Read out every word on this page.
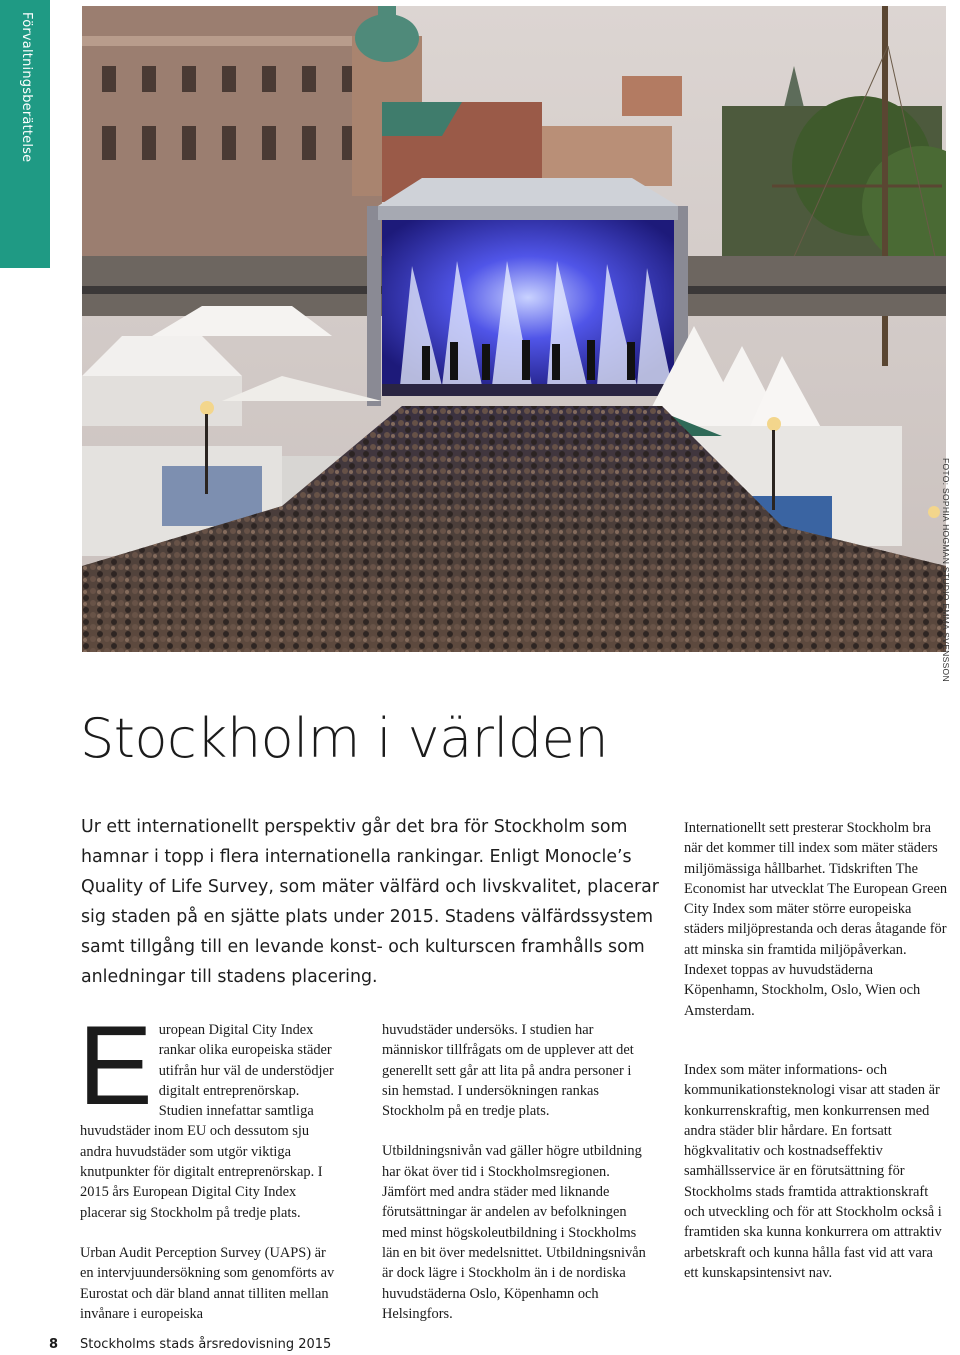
Förvaltningsberättelse
FOTO: SOPHIA HOGMAN STUDIO EMMA SVENSSON
Stockholm i världen

Ur ett internationellt perspektiv går det bra för Stockholm som hamnar i topp i flera internationella rankingar. Enligt Monocle’s Quality of Life Survey, som mäter välfärd och livskvalitet, placerar sig staden på en sjätte plats under 2015. Stadens välfärdssystem samt tillgång till en levande konst- och kulturscen framhålls som anledningar till stadens placering.

European Digital City Index rankar olika europeiska städer utifrån hur väl de understödjer digitalt entreprenörskap. Studien innefattar samtliga huvudstäder inom EU och dessutom sju andra huvudstäder som utgör viktiga knutpunkter för digitalt entreprenörskap. I 2015 års European Digital City Index placerar sig Stockholm på tredje plats.

Urban Audit Perception Survey (UAPS) är en intervjuundersökning som genomförts av Eurostat och där bland annat tilliten mellan invånare i europeiska

huvudstäder undersöks. I studien har människor tillfrågats om de upplever att det generellt sett går att lita på andra personer i sin hemstad. I undersökningen rankas Stockholm på en tredje plats.

Utbildningsnivån vad gäller högre utbildning har ökat över tid i Stockholmsregionen. Jämfört med andra städer med liknande förutsättningar är andelen av befolkningen med minst högskoleutbildning i Stockholms län en bit över medelsnittet. Utbildningsnivån är dock lägre i Stockholm än i de nordiska huvudstäderna Oslo, Köpenhamn och Helsingfors.

Internationellt sett presterar Stockholm bra när det kommer till index som mäter städers miljömässiga hållbarhet. Tidskriften The Economist har utvecklat The European Green City Index som mäter större europeiska städers miljöprestanda och deras åtagande för att minska sin framtida miljöpåverkan. Indexet toppas av huvudstäderna Köpenhamn, Stockholm, Oslo, Wien och Amsterdam.

Index som mäter informations- och kommunikationsteknologi visar att staden är konkurrenskraftig, men konkurrensen med andra städer blir hårdare. En fortsatt högkvalitativ och kostnadseffektiv samhällsservice är en förutsättning för Stockholms stads framtida attraktionskraft och utveckling och för att Stockholm också i framtiden ska kunna konkurrera om attraktiv arbetskraft och kunna hålla fast vid att vara ett kunskapsintensivt nav.

8 Stockholms stads årsredovisning 2015
